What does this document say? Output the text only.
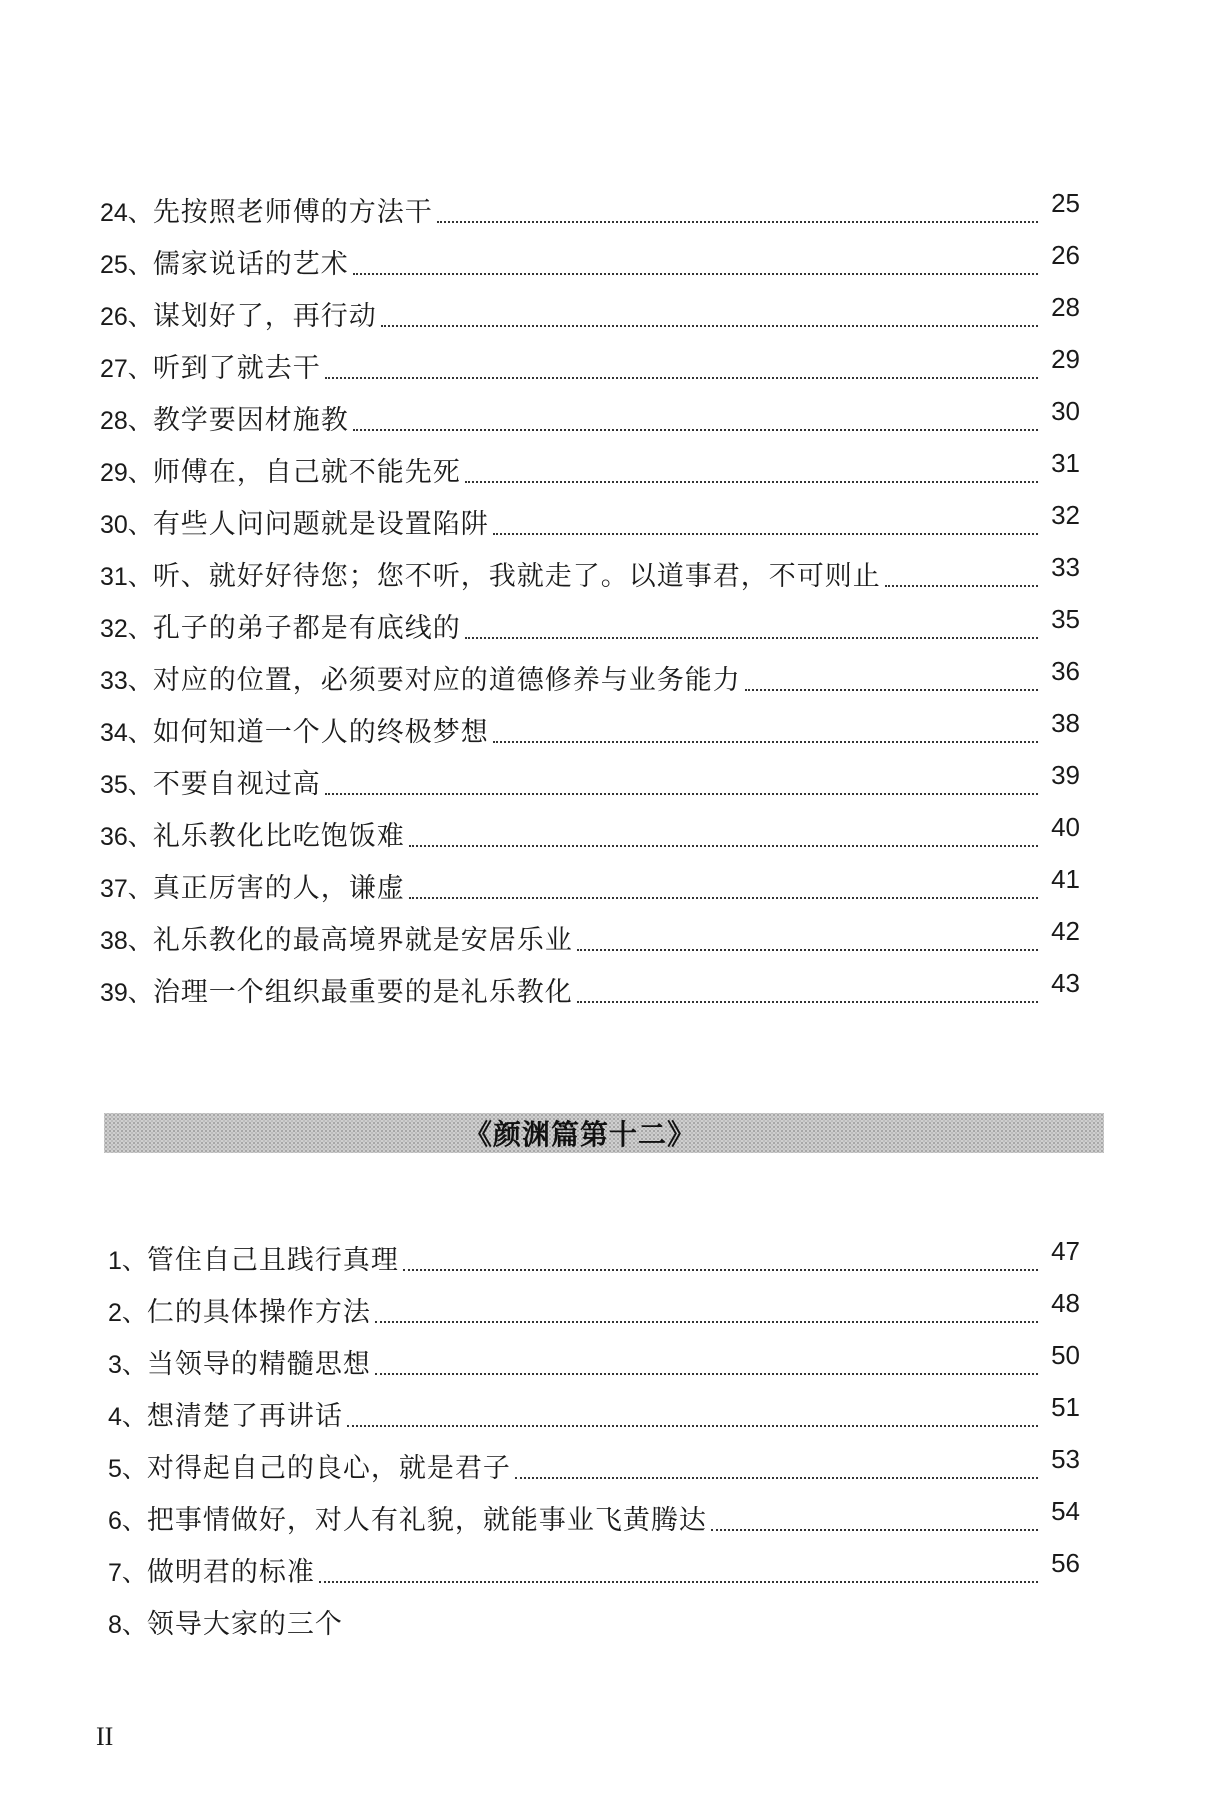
24、 先按照老师傅的方法干	25
25、 儒家说话的艺术	26
26、 谋划好了，再行动	28
27、 听到了就去干	29
28、 教学要因材施教	30
29、 师傅在，自己就不能先死	31
30、 有些人问问题就是设置陷阱	32
31、 听、就好好待您；您不听，我就走了。以道事君，不可则止	33
32、 孔子的弟子都是有底线的	35
33、 对应的位置，必须要对应的道德修养与业务能力	36
34、 如何知道一个人的终极梦想	38
35、 不要自视过高	39
36、 礼乐教化比吃饱饭难	40
37、 真正厉害的人，谦虚	41
38、 礼乐教化的最高境界就是安居乐业	42
39、 治理一个组织最重要的是礼乐教化	43
《颜渊篇第十二》
1、 管住自己且践行真理	47
2、 仁的具体操作方法	48
3、 当领导的精髓思想	50
4、 想清楚了再讲话	51
5、 对得起自己的良心，就是君子	53
6、 把事情做好，对人有礼貌，就能事业飞黄腾达	54
7、 做明君的标准	56
8、 领导大家的三个
II
